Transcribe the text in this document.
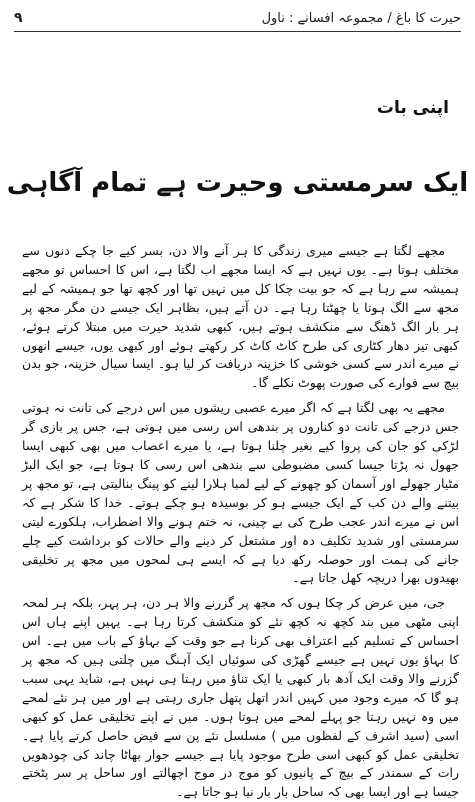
۹	حیرت کا باغ / مجموعہ افسانے : ناول
اپنی بات
ایک سرمستی وحیرت ہے تمام آگاہی

مجھے لگتا ہے جیسے میری زندگی کا ہر آنے والا دن، بسر کیے جا چکے دنوں سے مختلف ہوتا ہے۔ یوں نہیں ہے کہ ایسا مجھے اب لگتا ہے، اس کا احساس تو مجھے ہمیشہ سے رہا ہے کہ جو بیت چکا کل میں نہیں تھا اور کچھ تھا جو ہمیشہ کے لیے مجھ سے الگ ہوتا یا چھٹتا رہا ہے۔ دن آتے ہیں، بظاہر ایک جیسے دن مگر مجھ پر ہر بار الگ ڈھنگ سے منکشف ہوتے ہیں، کبھی شدید حیرت میں مبتلا کرتے ہوئے، کبھی تیز دھار کٹاری کی طرح کاٹ کاٹ کر رکھتے ہوئے اور کبھی یوں، جیسے انھوں نے میرے اندر سے کسی خوشی کا خزینہ دریافت کر لیا ہو۔ ایسا سیال خزینہ، جو بدن بیچ سے فوارے کی صورت پھوٹ نکلے گا۔

مجھے یہ بھی لگتا ہے کہ اگر میرے عصبی ریشوں میں اس درجے کی تانت نہ ہوتی جس درجے کی تانت دو کناروں پر بندھی اس رسی میں ہوتی ہے، جس پر بازی گر لڑکی کو جان کی پروا کیے بغیر چلنا ہوتا ہے، یا میرے اعصاب میں بھی کبھی ایسا جھول نہ پڑتا جیسا کسی مضبوطی سے بندھی اس رسی کا ہوتا ہے، جو ایک البڑ مٹیار جھولے اور آسمان کو چھونے کے لیے لمبا ہلارا لینے کو پینگ بنالیتی ہے، تو مجھ پر بیتنے والے دن کب کے ایک جیسے ہو کر بوسیدہ ہو چکے ہوتے۔ خدا کا شکر ہے کہ اس نے میرے اندر عجب طرح کی بے چینی، نہ ختم ہونے والا اضطراب، ہلکورے لیتی سرمستی اور شدید تکلیف دہ اور مشتعل کر دینے والے حالات کو برداشت کیے چلے جانے کی ہمت اور حوصلہ رکھ دیا ہے کہ ایسے ہی لمحوں میں مجھ پر تخلیقی بھیدوں بھرا دریچہ کھل جاتا ہے۔

جی، میں عرض کر چکا ہوں کہ مجھ پر گزرنے والا ہر دن، ہر پہر، بلکہ ہر لمحہ اپنی مٹھی میں بند کچھ نہ کچھ نئے کو منکشف کرتا رہا ہے۔ یہیں اپنے ہاں اس احساس کے تسلیم کیے اعتراف بھی کرنا ہے جو وقت کے بہاؤ کے باب میں ہے۔ اس کا بہاؤ یوں نہیں ہے جیسے گھڑی کی سوئیاں ایک آہنگ میں چلتی ہیں کہ مجھ پر گزرنے والا وقت ایک آدھ بار کبھی یا ایک تناؤ میں رہتا ہی نہیں ہے، شاید یہی سبب ہو گا کہ میرے وجود میں کہیں اندر اتھل پتھل جاری رہتی ہے اور میں ہر نئے لمحے میں وہ نہیں رہتا جو پہلے لمحے میں ہوتا ہوں۔ میں نے اپنے تخلیقی عمل کو کبھی اسی (سید اشرف کے لفظوں میں ) مسلسل نئے پن سے فیض حاصل کرتے پایا ہے۔ تخلیقی عمل کو کبھی اسی طرح موجود پایا ہے جیسے جوار بھاٹا چاند کی چودھویں رات کے سمندر کے بیچ کے پانیوں کو موج در موج اچھالتے اور ساحل پر سر پٹختے جیسا ہے اور ایسا بھی کہ ساحل بار بار نیا ہو جاتا ہے۔
